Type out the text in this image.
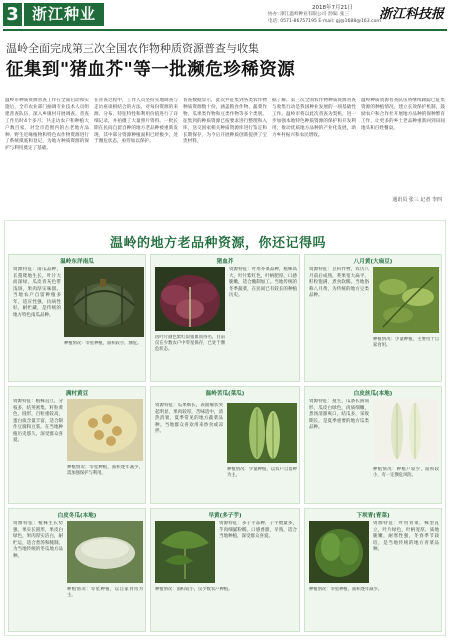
3 浙江种业	2018年7月21日
协办: 浙江温岭种业有限公司 责编: 张三
电话: 0571-86757195 E-mail: gj@1688@163.com
浙江科技报
温岭全面完成第三次全国农作物种质资源普查与收集
征集到"猪血芥"等一批濒危珍稀资源
温岭市种质资源普查工作在全面启动和实施后，全市农业部门抽调专业技术人员组建普查队伍，深入乡镇村开展调查。普查工作历时4个多月，共走访农户和种植大户数百家，对全市范围内的古老地方品种、野生近缘植物和特色农作物资源进行了系统摸底和登记，为地方种质资源的保护与利用奠定了基础。
在普查过程中，工作人员坚持实地调查与走访座谈相结合的方法，对每份资源的来源、分布、特征特性和利用价值进行了详细记录，并拍摄了大量照片资料。一批长期在民间自留自种的地方老品种被重新发现，其中部分资源种植面积已经极少，处于濒危状态，亟待加以保护。
普查数据显示，此次共征集到各类农作物种质资源数十份，涵盖粮食作物、蔬菜作物、瓜果类作物和豆类作物等多个类别。征集到的种质资源已按要求进行整理和入库，送交国家相关种质资源库进行鉴定和长期保存，为今后开展种质创新提供了宝贵材料。
据了解，第三次全国农作物种质资源普查与收集行动是我国种业发展的一项基础性工作。温岭市将以此次普查为契机，进一步加强本地特色种质资源的保护和开发利用，推动优质地方品种的产业化发展，助力乡村振兴和农民增收。
温岭种质资源普查队伍将继续跟踪已征集资源的种植情况，建立长效保护机制，鼓励农户和合作社开展地方品种的保种繁育工作，让更多的乡土老品种重新回到田间地头和百姓餐桌。
通讯员 张三 记者 李四
温岭的地方老品种资源，你还记得吗
温岭东洋南瓜
资源特征：南瓜品种，长蔓爬地生长，叶片大而深绿，瓜皮青灰色带浅斑，果肉厚实味甜。当地农户自留种植多年，适应性强，抗病性好，耐贮藏，是传统的地方特色南瓜品种。
种植情况：零星种植，面积较小，濒危。
猪血芥
资源特征：叶用芥菜品种，植株高大，叶片紫红色，叶柄肥厚，口感脆嫩，适合腌制加工。当地传统的冬季蔬菜，在民间已有较长的种植历史。
因叶片颜色紫红似猪血而得名，目前仅在少数农户中零星保存，已处于濒危状态。
八月黄(大扁豆)
资源特征：豆科作物，农历八月前后成熟，荚果宽大扁平，籽粒饱满，煮食软糯。当地俗称八月黄，为传统的地方豆类品种。
种植情况：少量种植，主要用于自家食用。
满村黄豆
资源特征：植株直立，分枝多，结荚密集，籽粒黄色，圆形，百粒重较高，蛋白质含量丰富，适合制作豆腐和豆浆。在当地种植历史悠久，深受群众喜爱。
种植情况：零星种植，面积逐年减少，需加强保护与利用。
温岭苦瓜(菜瓜)
资源特征：瓜果细长，表面瘤状突起明显，果肉较厚，苦味适中，清热消暑，夏季常见的地方蔬菜品种。当地群众喜欢用来炒食或凉拌。
种植情况：少量种植，以农户自留种为主。
白皮丝瓜(本地)
资源特征：蔓生，瓜条长圆筒形，瓜皮白绿色，肉质细嫩，煮汤清甜爽口，结瓜多，采收期长，是夏季重要的地方瓜类品种。
种植情况：种植户较少，面积较小，有一定濒危风险。
白皮冬瓜(本地)
资源特征：植株生长势强，果实长圆形，果皮白绿色，果肉厚实洁白，耐贮运，适合煮汤和腌制。为当地传统的冬瓜地方品种。
种植情况：零星种植，以自家食用为主。
早黄(多子芋)
资源特征：多子芋品种，子芋数量多，芋肉细腻粉糯，口感香甜，早熟，适合当地种植，深受群众喜爱。
种植情况：面积较小，仅少数农户种植。
下坝青(青菜)
资源特征：叶用青菜，株型直立，叶片绿色，叶柄宽厚，质地脆嫩，耐寒性强，冬春季节栽培，是当地传统的地方青菜品种。
种植情况：零星种植，面积逐年减少。
